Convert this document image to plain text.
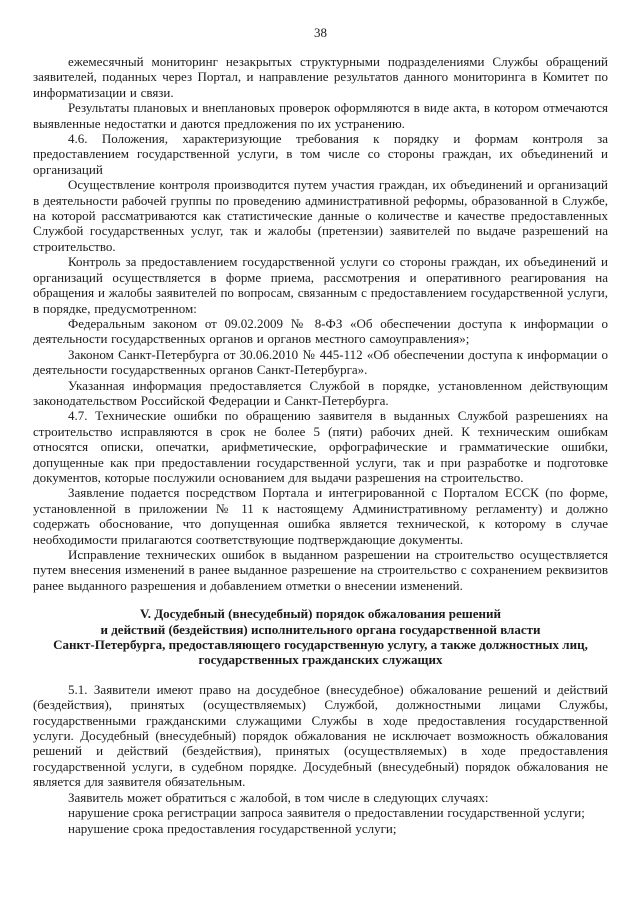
38

ежемесячный мониторинг незакрытых структурными подразделениями Службы обращений заявителей, поданных через Портал, и направление результатов данного мониторинга в Комитет по информатизации и связи.

Результаты плановых и внеплановых проверок оформляются в виде акта, в котором отмечаются выявленные недостатки и даются предложения по их устранению.

4.6. Положения, характеризующие требования к порядку и формам контроля за предоставлением государственной услуги, в том числе со стороны граждан, их объединений и организаций

Осуществление контроля производится путем участия граждан, их объединений и организаций в деятельности рабочей группы по проведению административной реформы, образованной в Службе, на которой рассматриваются как статистические данные о количестве и качестве предоставленных Службой государственных услуг, так и жалобы (претензии) заявителей по выдаче разрешений на строительство.

Контроль за предоставлением государственной услуги со стороны граждан, их объединений и организаций осуществляется в форме приема, рассмотрения и оперативного реагирования на обращения и жалобы заявителей по вопросам, связанным с предоставлением государственной услуги, в порядке, предусмотренном:

Федеральным законом от 09.02.2009 № 8-ФЗ «Об обеспечении доступа к информации о деятельности государственных органов и органов местного самоуправления»;

Законом Санкт-Петербурга от 30.06.2010 № 445-112 «Об обеспечении доступа к информации о деятельности государственных органов Санкт-Петербурга».

Указанная информация предоставляется Службой в порядке, установленном действующим законодательством Российской Федерации и Санкт-Петербурга.

4.7. Технические ошибки по обращению заявителя в выданных Службой разрешениях на строительство исправляются в срок не более 5 (пяти) рабочих дней. К техническим ошибкам относятся описки, опечатки, арифметические, орфографические и грамматические ошибки, допущенные как при предоставлении государственной услуги, так и при разработке и подготовке документов, которые послужили основанием для выдачи разрешения на строительство.

Заявление подается посредством Портала и интегрированной с Порталом ЕССК (по форме, установленной в приложении № 11 к настоящему Административному регламенту) и должно содержать обоснование, что допущенная ошибка является технической, к которому в случае необходимости прилагаются соответствующие подтверждающие документы.

Исправление технических ошибок в выданном разрешении на строительство осуществляется путем внесения изменений в ранее выданное разрешение на строительство с сохранением реквизитов ранее выданного разрешения и добавлением отметки о внесении изменений.

V. Досудебный (внесудебный) порядок обжалования решений
и действий (бездействия) исполнительного органа государственной власти
Санкт-Петербурга, предоставляющего государственную услугу, а также должностных лиц,
государственных гражданских служащих

5.1. Заявители имеют право на досудебное (внесудебное) обжалование решений и действий (бездействия), принятых (осуществляемых) Службой, должностными лицами Службы, государственными гражданскими служащими Службы в ходе предоставления государственной услуги. Досудебный (внесудебный) порядок обжалования не исключает возможность обжалования решений и действий (бездействия), принятых (осуществляемых) в ходе предоставления государственной услуги, в судебном порядке. Досудебный (внесудебный) порядок обжалования не является для заявителя обязательным.

Заявитель может обратиться с жалобой, в том числе в следующих случаях:

нарушение срока регистрации запроса заявителя о предоставлении государственной услуги;

нарушение срока предоставления государственной услуги;
